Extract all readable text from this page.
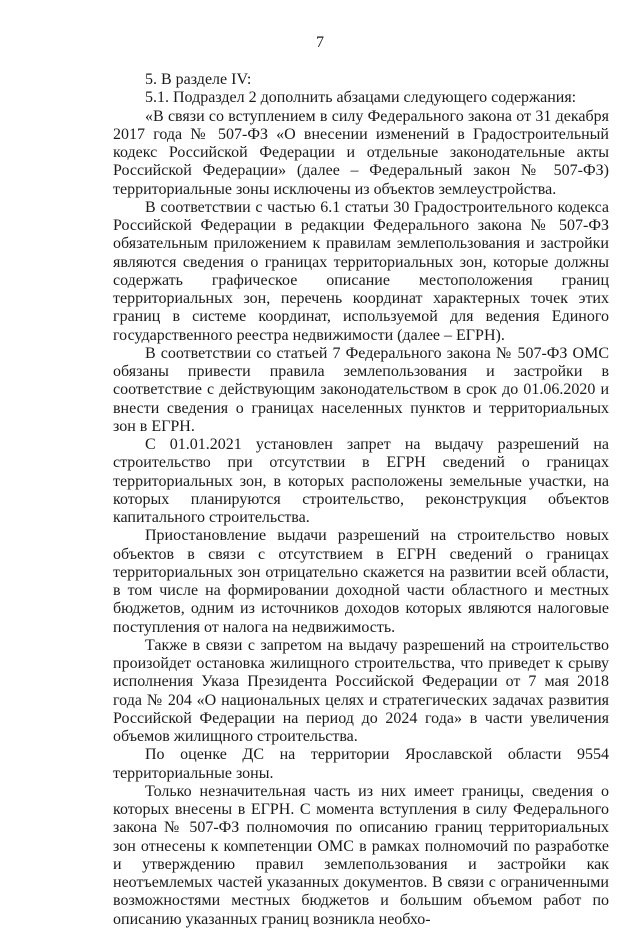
7

5. В разделе IV:

5.1. Подраздел 2 дополнить абзацами следующего содержания:

«В связи со вступлением в силу Федерального закона от 31 декабря 2017 года № 507-ФЗ «О внесении изменений в Градостроительный кодекс Российской Федерации и отдельные законодательные акты Российской Федерации» (далее – Федеральный закон № 507-ФЗ) территориальные зоны исключены из объектов землеустройства.

В соответствии с частью 6.1 статьи 30 Градостроительного кодекса Российской Федерации в редакции Федерального закона № 507-ФЗ обязательным приложением к правилам землепользования и застройки являются сведения о границах территориальных зон, которые должны содержать графическое описание местоположения границ территориальных зон, перечень координат характерных точек этих границ в системе координат, используемой для ведения Единого государственного реестра недвижимости (далее – ЕГРН).

В соответствии со статьей 7 Федерального закона № 507-ФЗ ОМС обязаны привести правила землепользования и застройки в соответствие с действующим законодательством в срок до 01.06.2020 и внести сведения о границах населенных пунктов и территориальных зон в ЕГРН.

С 01.01.2021 установлен запрет на выдачу разрешений на строительство при отсутствии в ЕГРН сведений о границах территориальных зон, в которых расположены земельные участки, на которых планируются строительство, реконструкция объектов капитального строительства.

Приостановление выдачи разрешений на строительство новых объектов в связи с отсутствием в ЕГРН сведений о границах территориальных зон отрицательно скажется на развитии всей области, в том числе на формировании доходной части областного и местных бюджетов, одним из источников доходов которых являются налоговые поступления от налога на недвижимость.

Также в связи с запретом на выдачу разрешений на строительство произойдет остановка жилищного строительства, что приведет к срыву исполнения Указа Президента Российской Федерации от 7 мая 2018 года № 204 «О национальных целях и стратегических задачах развития Российской Федерации на период до 2024 года» в части увеличения объемов жилищного строительства.

По оценке ДС на территории Ярославской области 9554 территориальные зоны.

Только незначительная часть из них имеет границы, сведения о которых внесены в ЕГРН. С момента вступления в силу Федерального закона № 507-ФЗ полномочия по описанию границ территориальных зон отнесены к компетенции ОМС в рамках полномочий по разработке и утверждению правил землепользования и застройки как неотъемлемых частей указанных документов. В связи с ограниченными возможностями местных бюджетов и большим объемом работ по описанию указанных границ возникла необхо-
